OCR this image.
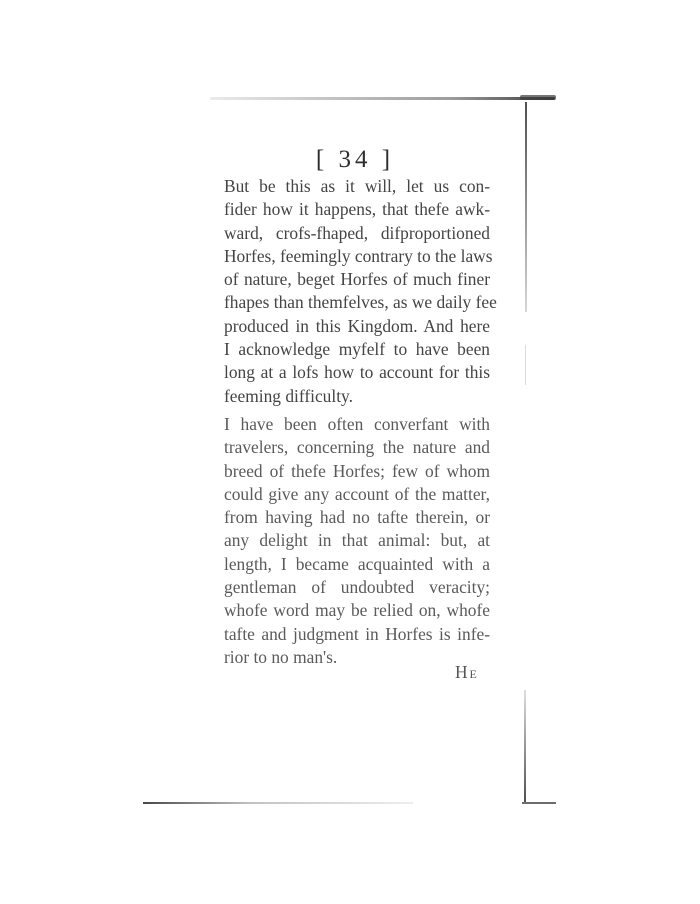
[ 34 ]
But be this as it will, let us con-
fider how it happens, that thefe awk-
ward, crofs-fhaped, difproportioned
Horfes, feemingly contrary to the laws
of nature, beget Horfes of much finer
fhapes than themfelves, as we daily fee
produced in this Kingdom. And here
I acknowledge myfelf to have been
long at a lofs how to account for this
feeming difficulty.
I have been often converfant with
travelers, concerning the nature and
breed of thefe Horfes; few of whom
could give any account of the matter,
from having had no tafte therein, or
any delight in that animal: but, at
length, I became acquainted with a
gentleman of undoubted veracity;
whofe word may be relied on, whofe
tafte and judgment in Horfes is infe-
rior to no man's.
He
